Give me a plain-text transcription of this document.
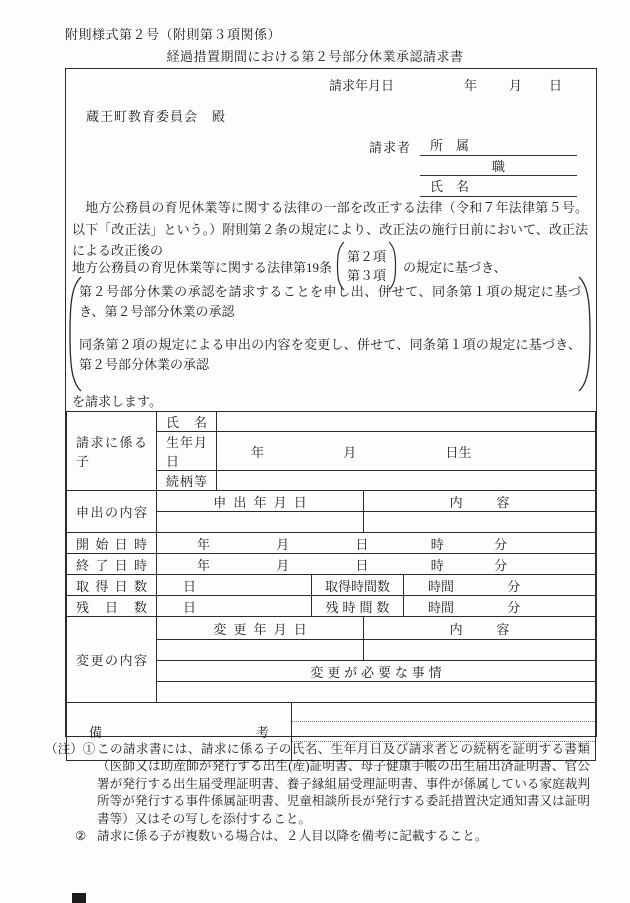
附則様式第２号（附則第３項関係）
経過措置期間における第２号部分休業承認請求書
請求年月日	年 月 日
蔵王町教育委員会　殿
請求者	所　属
職
氏　名
　地方公務員の育児休業等に関する法律の一部を改正する法律（令和７年法律第５号。以下「改正法」という。）附則第２条の規定により、改正法の施行日前において、改正法による改正後の
地方公務員の育児休業等に関する法律第19条
第２項
第３項
の規定に基づき、

第２号部分休業の承認を請求することを申し出、併せて、同条第１項の規定に基づき、第２号部分休業の承認

同条第２項の規定による申出の内容を変更し、併せて、同条第１項の規定に基づき、第２号部分休業の承認

を請求します。
請求に係る子	氏　名					

	生年月日	年 月 日生				

	続柄等					

申出の内容	申出年月日				内容	

開始日時	年 月 日 時 分					

終了日時	年 月 日 時 分					

取得日数	日			取得時間数		時間 分

残日数	日			残時間数		時間 分

変更の内容	変更年月日				内容	

	変更が必要な事情					

備考						

（注）① この請求書には、請求に係る子の氏名、生年月日及び請求者との続柄を証明する書類（医師又は助産師が発行する出生(産)証明書、母子健康手帳の出生届出済証明書、官公署が発行する出生届受理証明書、養子縁組届受理証明書、事件が係属している家庭裁判所等が発行する事件係属証明書、児童相談所長が発行する委託措置決定通知書又は証明書等）又はその写しを添付すること。
② 請求に係る子が複数いる場合は、２人目以降を備考に記載すること。
